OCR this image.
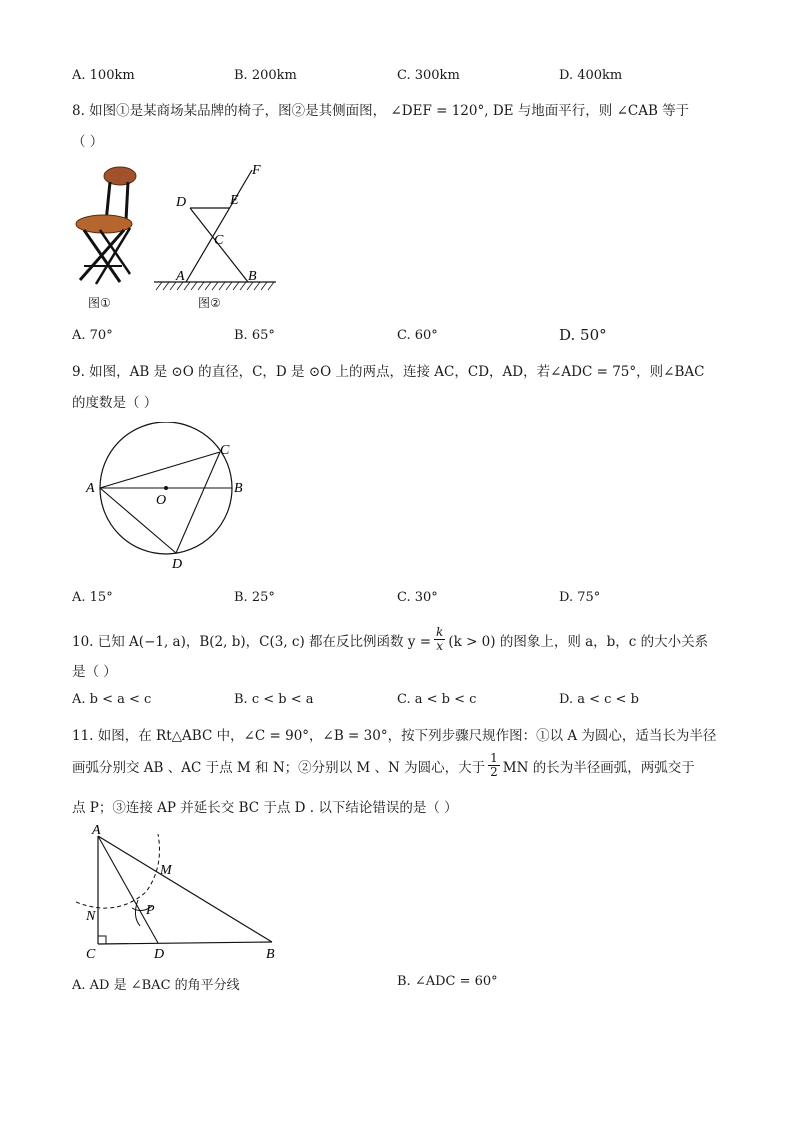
A. 100km	B. 200km	C. 300km	D. 400km
8. 如图①是某商场某品牌的椅子，图②是其侧面图， ∠DEF = 120°, DE 与地面平行，则 ∠CAB 等于
（ ）
图①
D	E
F
C
A	B
图②
A. 70°	B. 65°	C. 60°	D. 50°
9. 如图，AB 是 ⊙O 的直径，C，D 是 ⊙O 上的两点，连接 AC，CD，AD，若∠ADC = 75°，则∠BAC
的度数是（ ）
A	B
C
D
O
A. 15°	B. 25°	C. 30°	D. 75°
10. 已知 A(−1, a)，B(2, b)，C(3, c) 都在反比例函数 $y = \frac{k}{x} (k > 0)$ 的图象上，则 a，b，c 的大小关系
是（ ）
A. b < a < c	B. c < b < a	C. a < b < c	D. a < c < b
11. 如图，在 Rt△ABC 中，∠C = 90°，∠B = 30°，按下列步骤尺规作图：①以 A 为圆心，适当长为半径
画弧分别交 AB 、AC 于点 M 和 N；②分别以 M 、N 为圆心，大于 $\frac{1}{2}$ MN 的长为半径画弧，两弧交于
点 P；③连接 AP 并延长交 BC 于点 D . 以下结论错误的是（ ）
A
M
N	P
C	D	B
A. AD 是 ∠BAC 的角平分线	B. ∠ADC = 60°
